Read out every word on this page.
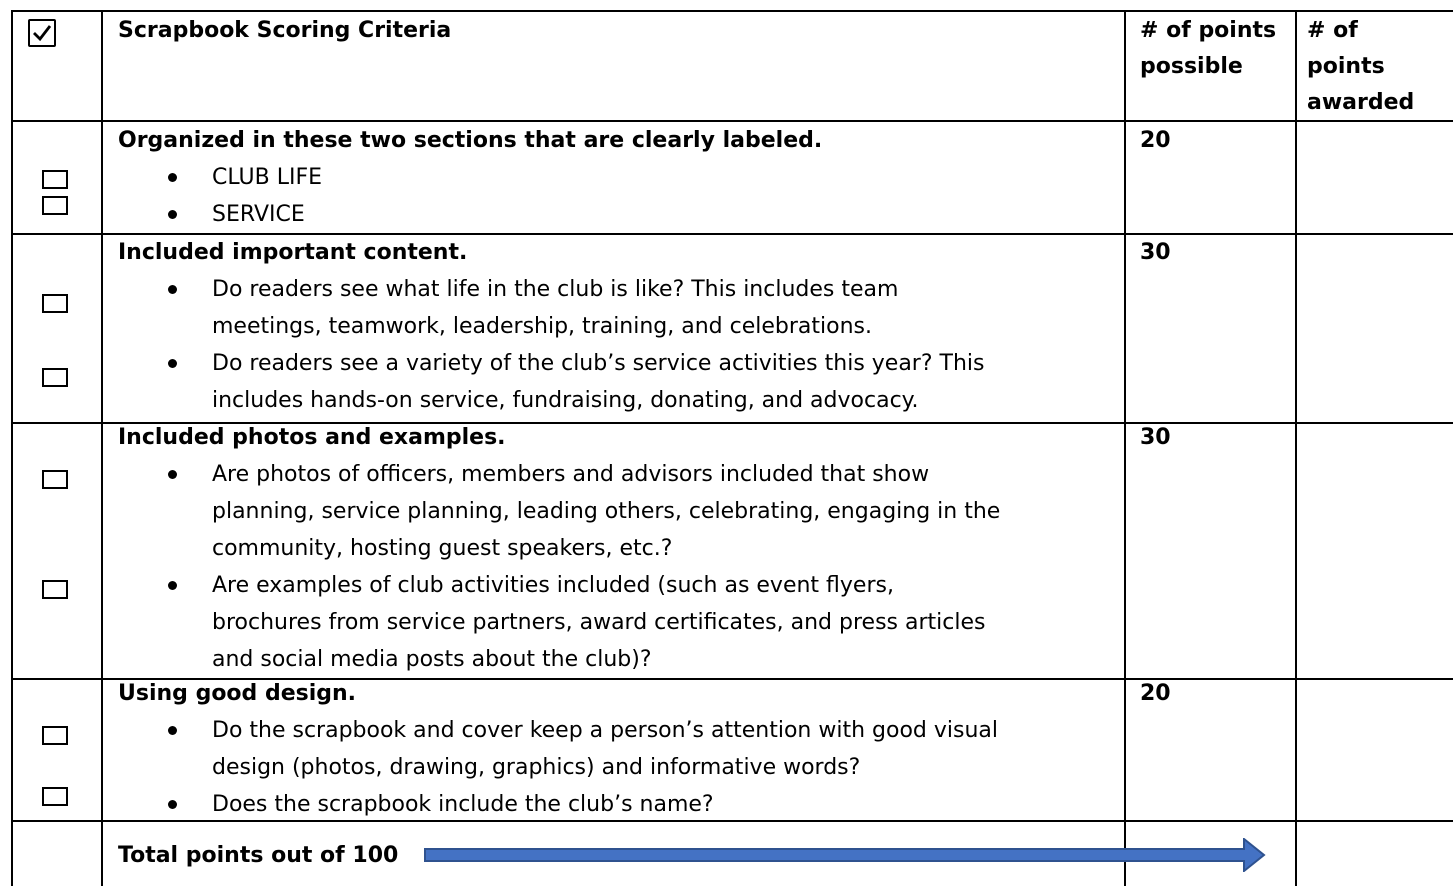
Scrapbook Scoring Criteria	# of points
possible
# of
points
awarded
Organized in these two sections that are clearly labeled.
CLUB LIFE
SERVICE
20
Included important content.
Do readers see what life in the club is like? This includes team
meetings, teamwork, leadership, training, and celebrations.
Do readers see a variety of the club’s service activities this year? This
includes hands-on service, fundraising, donating, and advocacy.
30
Included photos and examples.
Are photos of officers, members and advisors included that show
planning, service planning, leading others, celebrating, engaging in the
community, hosting guest speakers, etc.?
Are examples of club activities included (such as event flyers,
brochures from service partners, award certificates, and press articles
and social media posts about the club)?
30
Using good design.
Do the scrapbook and cover keep a person’s attention with good visual
design (photos, drawing, graphics) and informative words?
Does the scrapbook include the club’s name?
20
Total points out of 100
